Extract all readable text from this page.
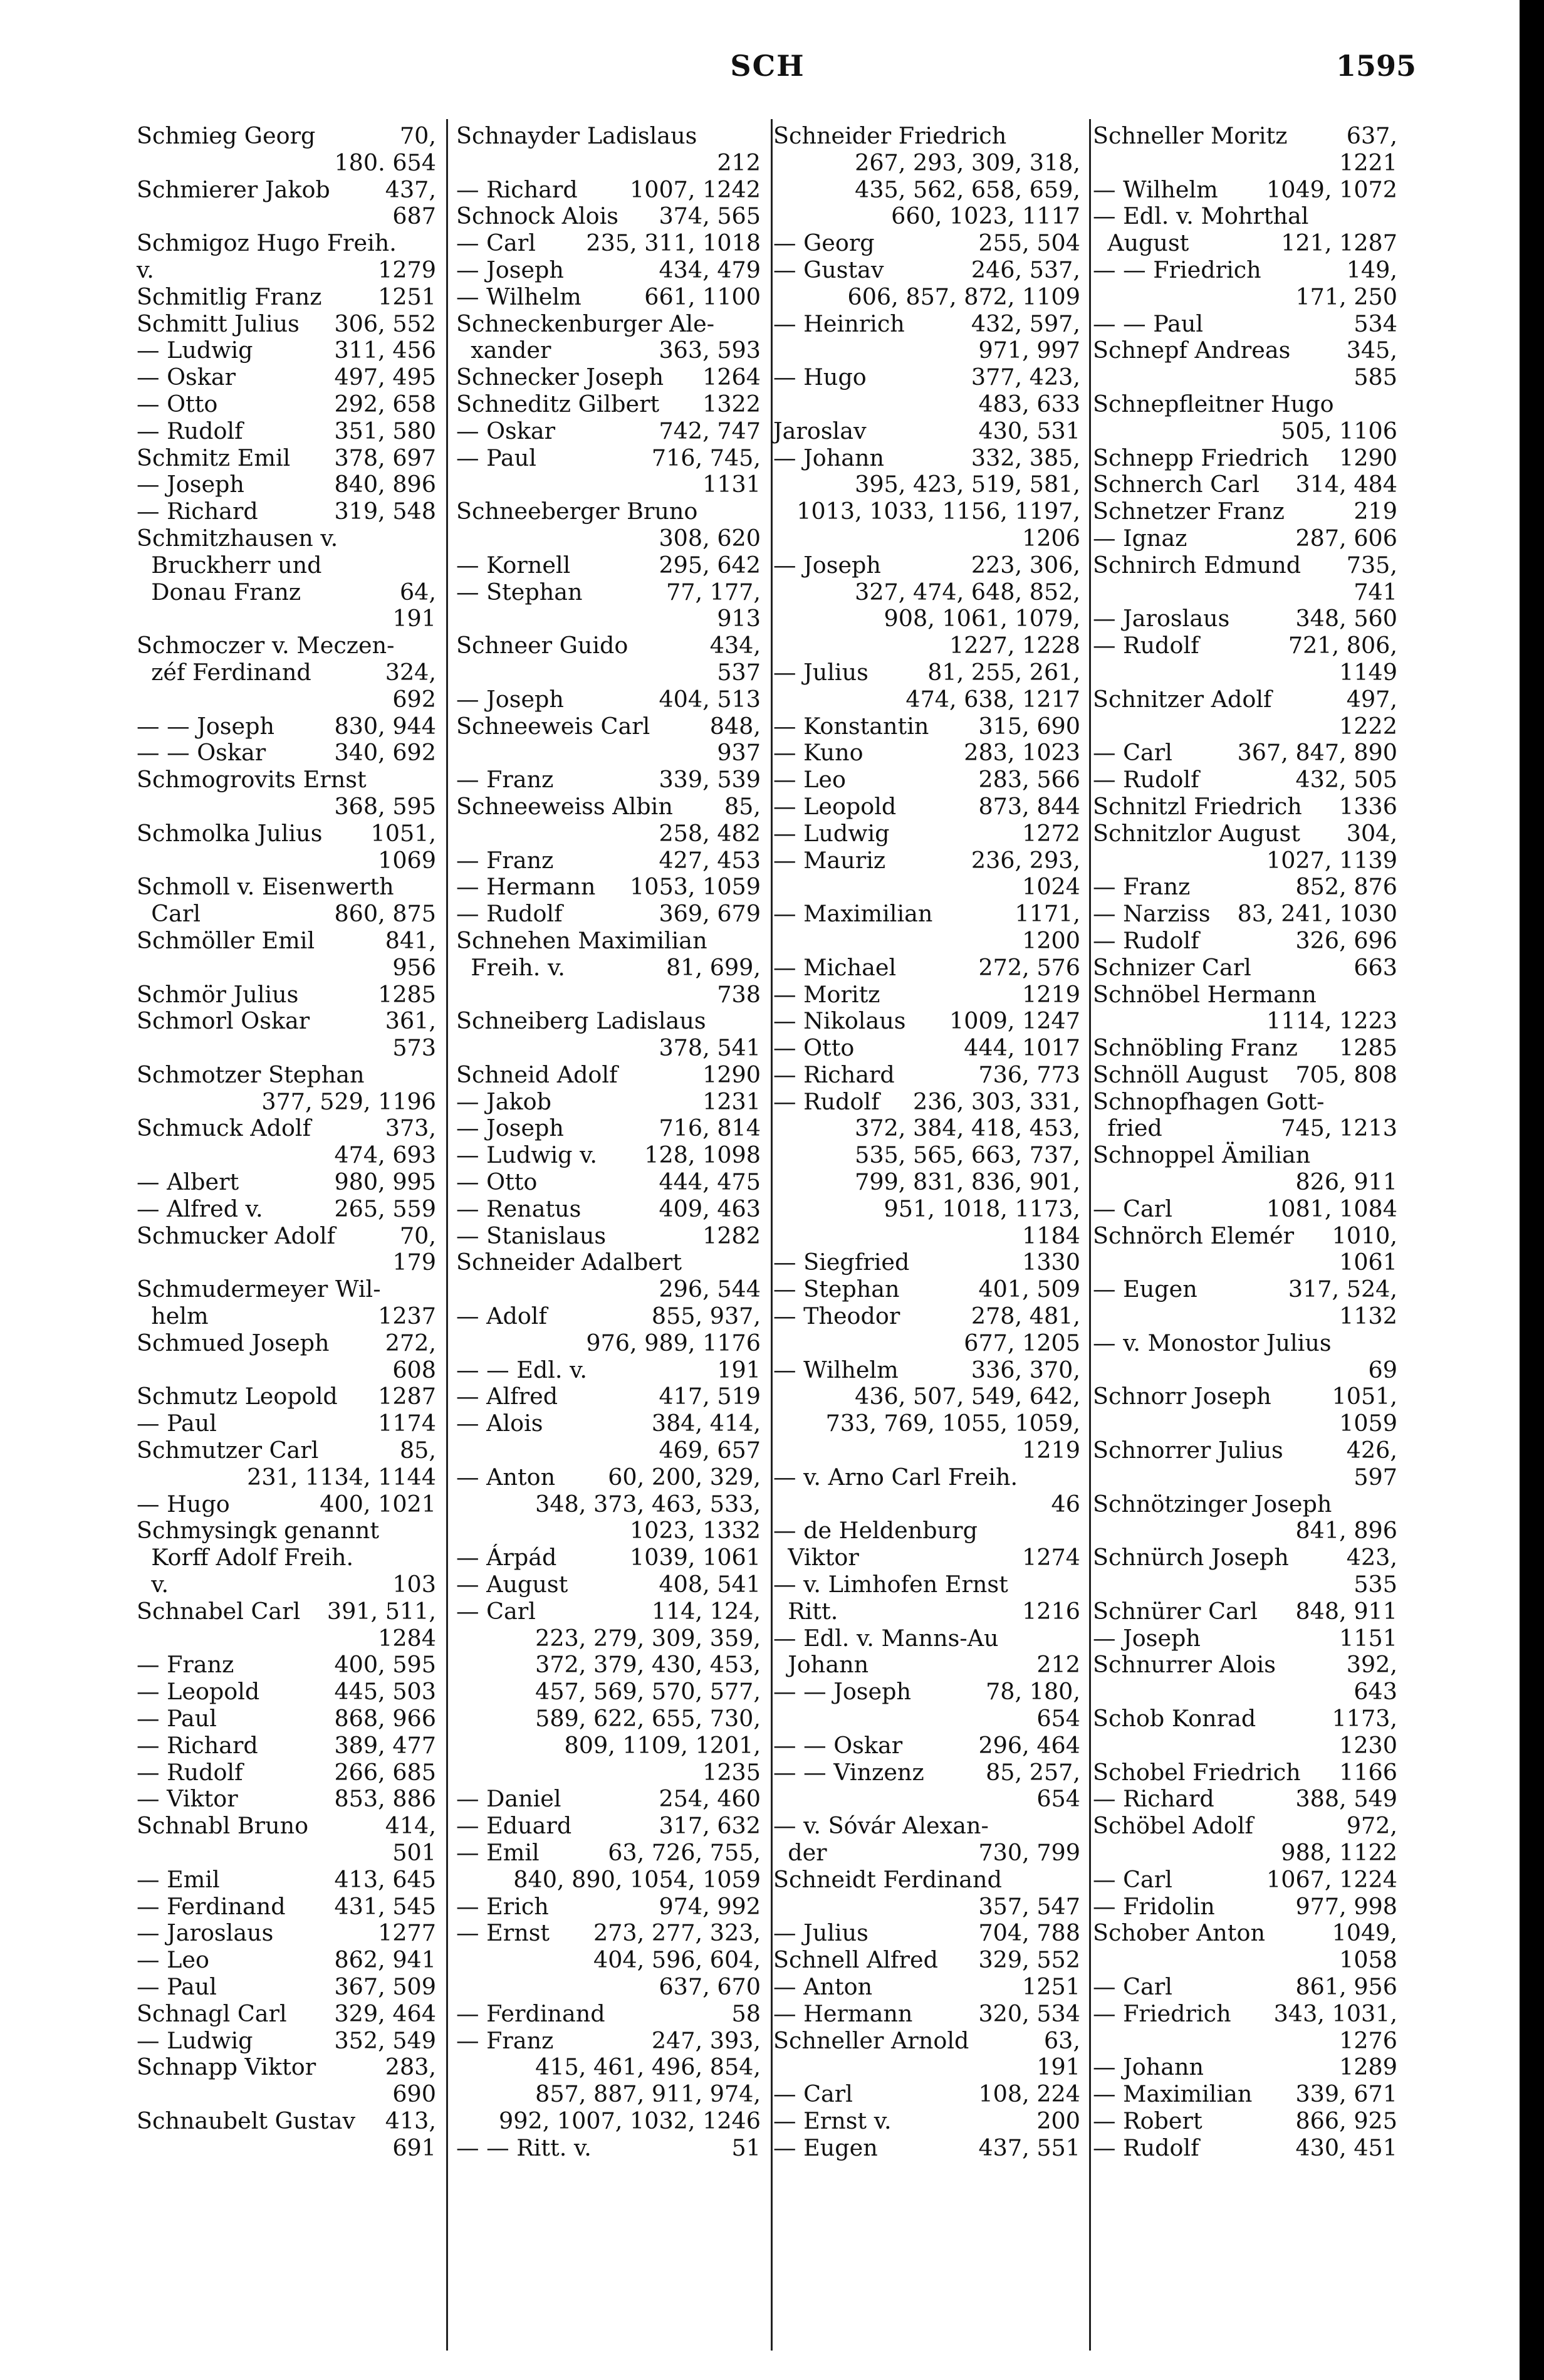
SCH	1595
70,
Schmieg Georg
180. 654
437,
Schmierer Jakob
687
Schmigoz Hugo Freih.
1279
v.
1251
Schmitlig Franz
306, 552
Schmitt Julius
311, 456
— Ludwig
497, 495
— Oskar
292, 658
— Otto
351, 580
— Rudolf
378, 697
Schmitz Emil
840, 896
— Joseph
319, 548
— Richard
Schmitzhausen v.
Bruckherr und
64,
Donau Franz
191
Schmoczer v. Meczen-
324,
zéf Ferdinand
692
830, 944
— — Joseph
340, 692
— — Oskar
Schmogrovits Ernst
368, 595
1051,
Schmolka Julius
1069
Schmoll v. Eisenwerth
860, 875
Carl
841,
Schmöller Emil
956
1285
Schmör Julius
361,
Schmorl Oskar
573
Schmotzer Stephan
377, 529, 1196
373,
Schmuck Adolf
474, 693
980, 995
— Albert
265, 559
— Alfred v.
70,
Schmucker Adolf
179
Schmudermeyer Wil-
1237
helm
272,
Schmued Joseph
608
1287
Schmutz Leopold
1174
— Paul
85,
Schmutzer Carl
231, 1134, 1144
400, 1021
— Hugo
Schmysingk genannt
Korff Adolf Freih.
103
v.
391, 511,
Schnabel Carl
1284
400, 595
— Franz
445, 503
— Leopold
868, 966
— Paul
389, 477
— Richard
266, 685
— Rudolf
853, 886
— Viktor
414,
Schnabl Bruno
501
413, 645
— Emil
431, 545
— Ferdinand
1277
— Jaroslaus
862, 941
— Leo
367, 509
— Paul
329, 464
Schnagl Carl
352, 549
— Ludwig
283,
Schnapp Viktor
690
413,
Schnaubelt Gustav
691
Schnayder Ladislaus
212
1007, 1242
— Richard
374, 565
Schnock Alois
235, 311, 1018
— Carl
434, 479
— Joseph
661, 1100
— Wilhelm
Schneckenburger Ale-
363, 593
xander
1264
Schnecker Joseph
1322
Schneditz Gilbert
742, 747
— Oskar
716, 745,
— Paul
1131
Schneeberger Bruno
308, 620
295, 642
— Kornell
77, 177,
— Stephan
913
434,
Schneer Guido
537
404, 513
— Joseph
848,
Schneeweis Carl
937
339, 539
— Franz
85,
Schneeweiss Albin
258, 482
427, 453
— Franz
1053, 1059
— Hermann
369, 679
— Rudolf
Schnehen Maximilian
81, 699,
Freih. v.
738
Schneiberg Ladislaus
378, 541
1290
Schneid Adolf
1231
— Jakob
716, 814
— Joseph
128, 1098
— Ludwig v.
444, 475
— Otto
409, 463
— Renatus
1282
— Stanislaus
Schneider Adalbert
296, 544
855, 937,
— Adolf
976, 989, 1176
191
— — Edl. v.
417, 519
— Alfred
384, 414,
— Alois
469, 657
60, 200, 329,
— Anton
348, 373, 463, 533,
1023, 1332
1039, 1061
— Árpád
408, 541
— August
114, 124,
— Carl
223, 279, 309, 359,
372, 379, 430, 453,
457, 569, 570, 577,
589, 622, 655, 730,
809, 1109, 1201,
1235
254, 460
— Daniel
317, 632
— Eduard
63, 726, 755,
— Emil
840, 890, 1054, 1059
974, 992
— Erich
273, 277, 323,
— Ernst
404, 596, 604,
637, 670
58
— Ferdinand
247, 393,
— Franz
415, 461, 496, 854,
857, 887, 911, 974,
992, 1007, 1032, 1246
51
— — Ritt. v.
Schneider Friedrich
267, 293, 309, 318,
435, 562, 658, 659,
660, 1023, 1117
255, 504
— Georg
246, 537,
— Gustav
606, 857, 872, 1109
432, 597,
— Heinrich
971, 997
377, 423,
— Hugo
483, 633
430, 531
Jaroslav
332, 385,
— Johann
395, 423, 519, 581,
1013, 1033, 1156, 1197,
1206
223, 306,
— Joseph
327, 474, 648, 852,
908, 1061, 1079,
1227, 1228
81, 255, 261,
— Julius
474, 638, 1217
315, 690
— Konstantin
283, 1023
— Kuno
283, 566
— Leo
873, 844
— Leopold
1272
— Ludwig
236, 293,
— Mauriz
1024
1171,
— Maximilian
1200
272, 576
— Michael
1219
— Moritz
1009, 1247
— Nikolaus
444, 1017
— Otto
736, 773
— Richard
236, 303, 331,
— Rudolf
372, 384, 418, 453,
535, 565, 663, 737,
799, 831, 836, 901,
951, 1018, 1173,
1184
1330
— Siegfried
401, 509
— Stephan
278, 481,
— Theodor
677, 1205
336, 370,
— Wilhelm
436, 507, 549, 642,
733, 769, 1055, 1059,
1219
— v. Arno Carl Freih.
46
— de Heldenburg
1274
Viktor
— v. Limhofen Ernst
1216
Ritt.
— Edl. v. Manns-Au
212
Johann
78, 180,
— — Joseph
654
296, 464
— — Oskar
85, 257,
— — Vinzenz
654
— v. Sóvár Alexan-
730, 799
der
Schneidt Ferdinand
357, 547
704, 788
— Julius
329, 552
Schnell Alfred
1251
— Anton
320, 534
— Hermann
63,
Schneller Arnold
191
108, 224
— Carl
200
— Ernst v.
437, 551
— Eugen
637,
Schneller Moritz
1221
1049, 1072
— Wilhelm
— Edl. v. Mohrthal
121, 1287
August
149,
— — Friedrich
171, 250
534
— — Paul
345,
Schnepf Andreas
585
Schnepfleitner Hugo
505, 1106
1290
Schnepp Friedrich
314, 484
Schnerch Carl
219
Schnetzer Franz
287, 606
— Ignaz
735,
Schnirch Edmund
741
348, 560
— Jaroslaus
721, 806,
— Rudolf
1149
497,
Schnitzer Adolf
1222
367, 847, 890
— Carl
432, 505
— Rudolf
1336
Schnitzl Friedrich
304,
Schnitzlor August
1027, 1139
852, 876
— Franz
83, 241, 1030
— Narziss
326, 696
— Rudolf
663
Schnizer Carl
Schnöbel Hermann
1114, 1223
1285
Schnöbling Franz
705, 808
Schnöll August
Schnopfhagen Gott-
745, 1213
fried
Schnoppel Ämilian
826, 911
1081, 1084
— Carl
1010,
Schnörch Elemér
1061
317, 524,
— Eugen
1132
— v. Monostor Julius
69
1051,
Schnorr Joseph
1059
426,
Schnorrer Julius
597
Schnötzinger Joseph
841, 896
423,
Schnürch Joseph
535
848, 911
Schnürer Carl
1151
— Joseph
392,
Schnurrer Alois
643
1173,
Schob Konrad
1230
1166
Schobel Friedrich
388, 549
— Richard
972,
Schöbel Adolf
988, 1122
1067, 1224
— Carl
977, 998
— Fridolin
1049,
Schober Anton
1058
861, 956
— Carl
343, 1031,
— Friedrich
1276
1289
— Johann
339, 671
— Maximilian
866, 925
— Robert
430, 451
— Rudolf
